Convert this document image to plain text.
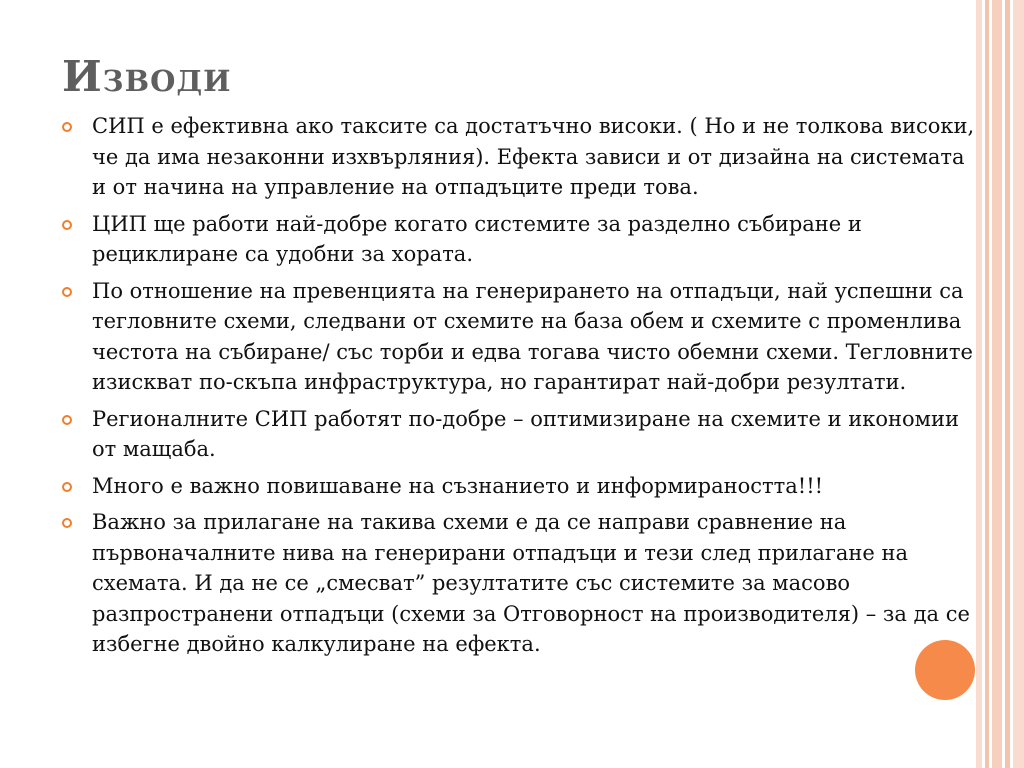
Изводи
СИП е ефективна ако таксите са достатъчно високи. ( Но и не толкова високи, че да има незаконни изхвърляния). Ефекта зависи и от дизайна на системата и от начина на управление на отпадъците преди това.
ЦИП ще работи най-добре когато системите за разделно събиране и рециклиране са удобни за хората.
По отношение на превенцията на генерирането на отпадъци, най успешни са тегловните схеми, следвани от схемите на база обем и схемите с променлива честота на събиране/ със торби и едва тогава чисто обемни схеми. Тегловните изискват по-скъпа инфраструктура, но гарантират най-добри резултати.
Регионалните СИП работят по-добре – оптимизиране на схемите и икономии от мащаба.
Много е важно повишаване на съзнанието и информираността!!!
Важно за прилагане на такива схеми е да се направи сравнение на първоначалните нива на генерирани отпадъци и тези след прилагане на схемата. И да не се „смесват” резултатите със системите за масово разпространени отпадъци (схеми за Отговорност на производителя) – за да се избегне двойно калкулиране на ефекта.
